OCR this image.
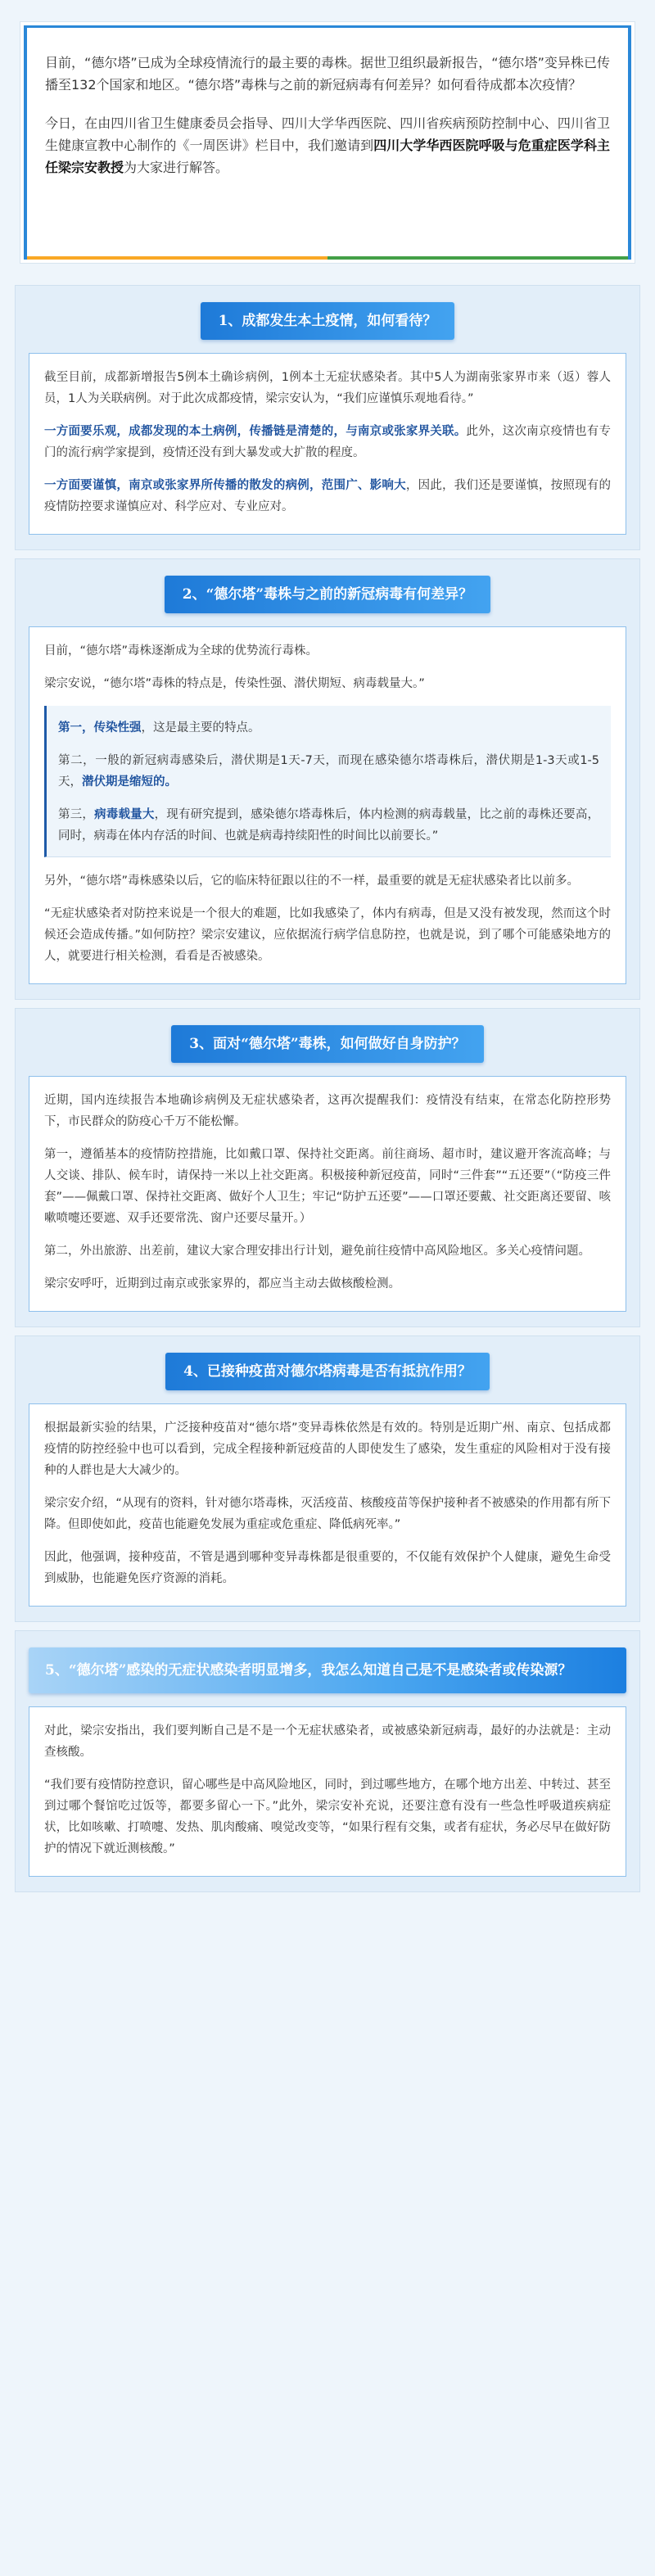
目前，“德尔塔”已成为全球疫情流行的最主要的毒株。据世卫组织最新报告，“德尔塔”变异株已传播至132个国家和地区。“德尔塔”毒株与之前的新冠病毒有何差异？如何看待成都本次疫情？

今日，在由四川省卫生健康委员会指导、四川大学华西医院、四川省疾病预防控制中心、四川省卫生健康宣教中心制作的《一周医讲》栏目中，我们邀请到四川大学华西医院呼吸与危重症医学科主任梁宗安教授为大家进行解答。

1、成都发生本土疫情，如何看待？

截至目前，成都新增报告5例本土确诊病例，1例本土无症状感染者。其中5人为湖南张家界市来（返）蓉人员，1人为关联病例。对于此次成都疫情，梁宗安认为，“我们应谨慎乐观地看待。”

一方面要乐观，成都发现的本土病例，传播链是清楚的，与南京或张家界关联。此外，这次南京疫情也有专门的流行病学家提到，疫情还没有到大暴发或大扩散的程度。

一方面要谨慎，南京或张家界所传播的散发的病例，范围广、影响大，因此，我们还是要谨慎，按照现有的疫情防控要求谨慎应对、科学应对、专业应对。

2、“德尔塔”毒株与之前的新冠病毒有何差异？

目前，“德尔塔”毒株逐渐成为全球的优势流行毒株。

梁宗安说，“德尔塔”毒株的特点是，传染性强、潜伏期短、病毒载量大。”

第一，传染性强，这是最主要的特点。

第二，一般的新冠病毒感染后，潜伏期是1天-7天，而现在感染德尔塔毒株后，潜伏期是1-3天或1-5天，潜伏期是缩短的。

第三，病毒载量大，现有研究提到，感染德尔塔毒株后，体内检测的病毒载量，比之前的毒株还要高，同时，病毒在体内存活的时间、也就是病毒持续阳性的时间比以前要长。”

另外，“德尔塔”毒株感染以后，它的临床特征跟以往的不一样，最重要的就是无症状感染者比以前多。

“无症状感染者对防控来说是一个很大的难题，比如我感染了，体内有病毒，但是又没有被发现，然而这个时候还会造成传播。”如何防控？梁宗安建议，应依据流行病学信息防控，也就是说，到了哪个可能感染地方的人，就要进行相关检测，看看是否被感染。

3、面对“德尔塔”毒株，如何做好自身防护？

近期，国内连续报告本地确诊病例及无症状感染者，这再次提醒我们：疫情没有结束，在常态化防控形势下，市民群众的防疫心千万不能松懈。

第一，遵循基本的疫情防控措施，比如戴口罩、保持社交距离。前往商场、超市时，建议避开客流高峰；与人交谈、排队、候车时，请保持一米以上社交距离。积极接种新冠疫苗，同时“三件套”“五还要”（“防疫三件套”——佩戴口罩、保持社交距离、做好个人卫生；牢记“防护五还要”——口罩还要戴、社交距离还要留、咳嗽喷嚏还要遮、双手还要常洗、窗户还要尽量开。）

第二，外出旅游、出差前，建议大家合理安排出行计划，避免前往疫情中高风险地区。多关心疫情问题。

梁宗安呼吁，近期到过南京或张家界的，都应当主动去做核酸检测。

4、已接种疫苗对德尔塔病毒是否有抵抗作用？

根据最新实验的结果，广泛接种疫苗对“德尔塔”变异毒株依然是有效的。特别是近期广州、南京、包括成都疫情的防控经验中也可以看到，完成全程接种新冠疫苗的人即使发生了感染，发生重症的风险相对于没有接种的人群也是大大减少的。

梁宗安介绍，“从现有的资料，针对德尔塔毒株，灭活疫苗、核酸疫苗等保护接种者不被感染的作用都有所下降。但即使如此，疫苗也能避免发展为重症或危重症、降低病死率。”

因此，他强调，接种疫苗，不管是遇到哪种变异毒株都是很重要的，不仅能有效保护个人健康，避免生命受到威胁，也能避免医疗资源的消耗。

5、“德尔塔”感染的无症状感染者明显增多，我怎么知道自己是不是感染者或传染源？

对此，梁宗安指出，我们要判断自己是不是一个无症状感染者，或被感染新冠病毒，最好的办法就是：主动查核酸。

“我们要有疫情防控意识，留心哪些是中高风险地区，同时，到过哪些地方，在哪个地方出差、中转过、甚至到过哪个餐馆吃过饭等，都要多留心一下。”此外，梁宗安补充说，还要注意有没有一些急性呼吸道疾病症状，比如咳嗽、打喷嚏、发热、肌肉酸痛、嗅觉改变等，“如果行程有交集，或者有症状，务必尽早在做好防护的情况下就近测核酸。”
